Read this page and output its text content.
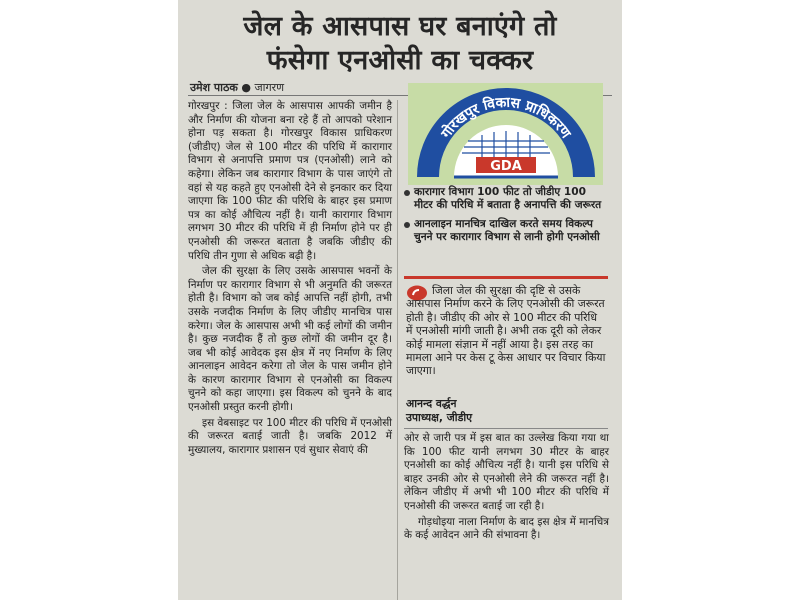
जेल के आसपास घर बनाएंगे तो
फंसेगा एनओसी का चक्कर
उमेश पाठक ● जागरण

गोरखपुर : जिला जेल के आसपास आपकी जमीन है और निर्माण की योजना बना रहे हैं तो आपको परेशान होना पड़ सकता है। गोरखपुर विकास प्राधिकरण (जीडीए) जेल से 100 मीटर की परिधि में कारागार विभाग से अनापत्ति प्रमाण पत्र (एनओसी) लाने को कहेगा। लेकिन जब कारागार विभाग के पास जाएंगे तो वहां से यह कहते हुए एनओसी देने से इनकार कर दिया जाएगा कि 100 फीट की परिधि के बाहर इस प्रमाण पत्र का कोई औचित्य नहीं है। यानी कारागार विभाग लगभग 30 मीटर की परिधि में ही निर्माण होने पर ही एनओसी की जरूरत बताता है जबकि जीडीए की परिधि तीन गुणा से अधिक बढ़ी है।

जेल की सुरक्षा के लिए उसके आसपास भवनों के निर्माण पर कारागार विभाग से भी अनुमति की जरूरत होती है। विभाग को जब कोई आपत्ति नहीं होगी, तभी उसके नजदीक निर्माण के लिए जीडीए मानचित्र पास करेगा। जेल के आसपास अभी भी कई लोगों की जमीन है। कुछ नजदीक हैं तो कुछ लोगों की जमीन दूर है। जब भी कोई आवेदक इस क्षेत्र में नए निर्माण के लिए आनलाइन आवेदन करेगा तो जेल के पास जमीन होने के कारण कारागार विभाग से एनओसी का विकल्प चुनने को कहा जाएगा। इस विकल्प को चुनने के बाद एनओसी प्रस्तुत करनी होगी।

इस वेबसाइट पर 100 मीटर की परिधि में एनओसी की जरूरत बताई जाती है। जबकि 2012 में मुख्यालय, कारागार प्रशासन एवं सुधार सेवाएं की

गोरखपुर विकास प्राधिकरण
GDA
कारागार विभाग 100 फीट तो जीडीए 100 मीटर की परिधि में बताता है अनापत्ति की जरूरत
आनलाइन मानचित्र दाखिल करते समय विकल्प चुनने पर कारागार विभाग से लानी होगी एनओसी
जिला जेल की सुरक्षा की दृष्टि से उसके आसपास निर्माण करने के लिए एनओसी की जरूरत होती है। जीडीए की ओर से 100 मीटर की परिधि में एनओसी मांगी जाती है। अभी तक दूरी को लेकर कोई मामला संज्ञान में नहीं आया है। इस तरह का मामला आने पर केस टू केस आधार पर विचार किया जाएगा।
आनन्द वर्द्धन
उपाध्यक्ष, जीडीए

ओर से जारी पत्र में इस बात का उल्लेख किया गया था कि 100 फीट यानी लगभग 30 मीटर के बाहर एनओसी का कोई औचित्य नहीं है। यानी इस परिधि से बाहर उनकी ओर से एनओसी लेने की जरूरत नहीं है। लेकिन जीडीए में अभी भी 100 मीटर की परिधि में एनओसी की जरूरत बताई जा रही है।

गोड़धोइया नाला निर्माण के बाद इस क्षेत्र में मानचित्र के कई आवेदन आने की संभावना है।
